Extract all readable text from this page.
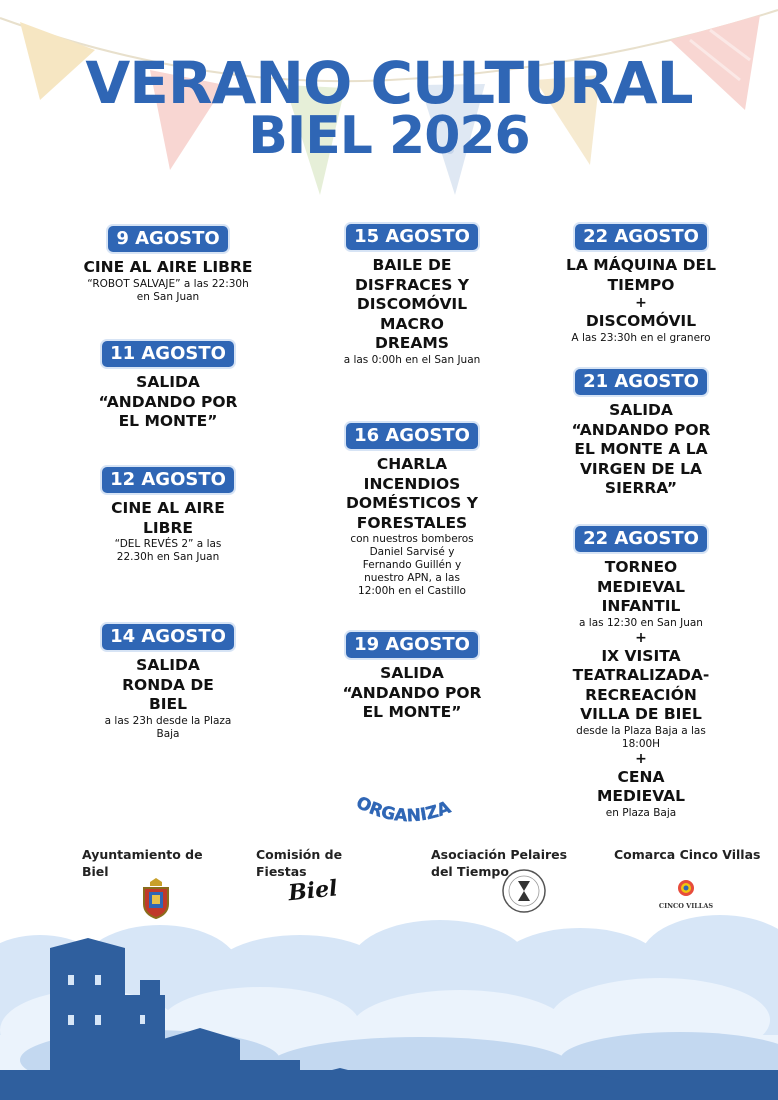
VERANO CULTURAL
BIEL 2026
9 AGOSTO
CINE AL AIRE LIBRE
“ROBOT SALVAJE” a las 22:30h en San Juan
11 AGOSTO
SALIDA “ANDANDO POR EL MONTE”
12 AGOSTO
CINE AL AIRE LIBRE
“DEL REVÉS 2” a las 22.30h en San Juan
14 AGOSTO
SALIDA RONDA DE BIEL
a las 23h desde la Plaza Baja
15 AGOSTO
BAILE DE DISFRACES Y DISCOMÓVIL MACRO DREAMS
a las 0:00h en el San Juan
16 AGOSTO
CHARLA INCENDIOS DOMÉSTICOS Y FORESTALES
con nuestros bomberos Daniel Sarvisé y Fernando Guillén y nuestro APN, a las 12:00h en el Castillo
19 AGOSTO
SALIDA “ANDANDO POR EL MONTE”
22 AGOSTO
LA MÁQUINA DEL TIEMPO
+
DISCOMÓVIL
A las 23:30h en el granero
21 AGOSTO
SALIDA “ANDANDO POR EL MONTE A LA VIRGEN DE LA SIERRA”
22 AGOSTO
TORNEO MEDIEVAL INFANTIL
a las 12:30 en San Juan
+
IX VISITA TEATRALIZADA-RECREACIÓN VILLA DE BIEL
desde la Plaza Baja a las 18:00H
+
CENA MEDIEVAL
en Plaza Baja
ORGANIZA
Ayuntamiento de Biel
Comisión de Fiestas
Asociación Pelaires del Tiempo
Comarca Cinco Villas
Biel	CINCO VILLAS
